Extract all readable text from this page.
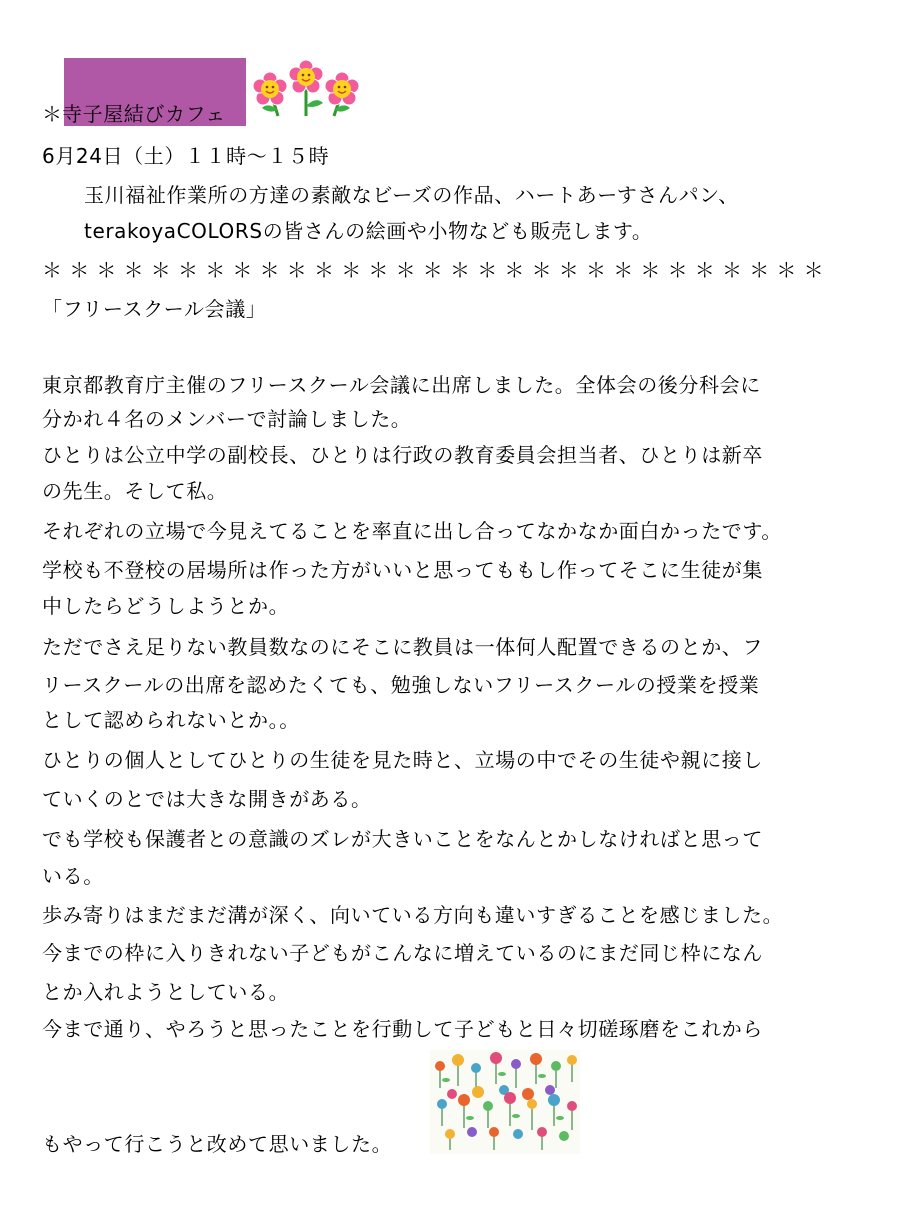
＊寺子屋結びカフェ
6月24日（土）１１時～１５時
玉川福祉作業所の方達の素敵なビーズの作品、ハートあーすさんパン、
terakoyaCOLORSの皆さんの絵画や小物なども販売します。
＊＊＊＊＊＊＊＊＊＊＊＊＊＊＊＊＊＊＊＊＊＊＊＊＊＊＊＊＊
「フリースクール会議」
東京都教育庁主催のフリースクール会議に出席しました。全体会の後分科会に
分かれ４名のメンバーで討論しました。
ひとりは公立中学の副校長、ひとりは行政の教育委員会担当者、ひとりは新卒
の先生。そして私。
それぞれの立場で今見えてることを率直に出し合ってなかなか面白かったです。
学校も不登校の居場所は作った方がいいと思ってももし作ってそこに生徒が集
中したらどうしようとか。
ただでさえ足りない教員数なのにそこに教員は一体何人配置できるのとか、フ
リースクールの出席を認めたくても、勉強しないフリースクールの授業を授業
として認められないとか。。
ひとりの個人としてひとりの生徒を見た時と、立場の中でその生徒や親に接し
ていくのとでは大きな開きがある。
でも学校も保護者との意識のズレが大きいことをなんとかしなければと思って
いる。
歩み寄りはまだまだ溝が深く、向いている方向も違いすぎることを感じました。
今までの枠に入りきれない子どもがこんなに増えているのにまだ同じ枠になん
とか入れようとしている。
今まで通り、やろうと思ったことを行動して子どもと日々切磋琢磨をこれから
もやって行こうと改めて思いました。
